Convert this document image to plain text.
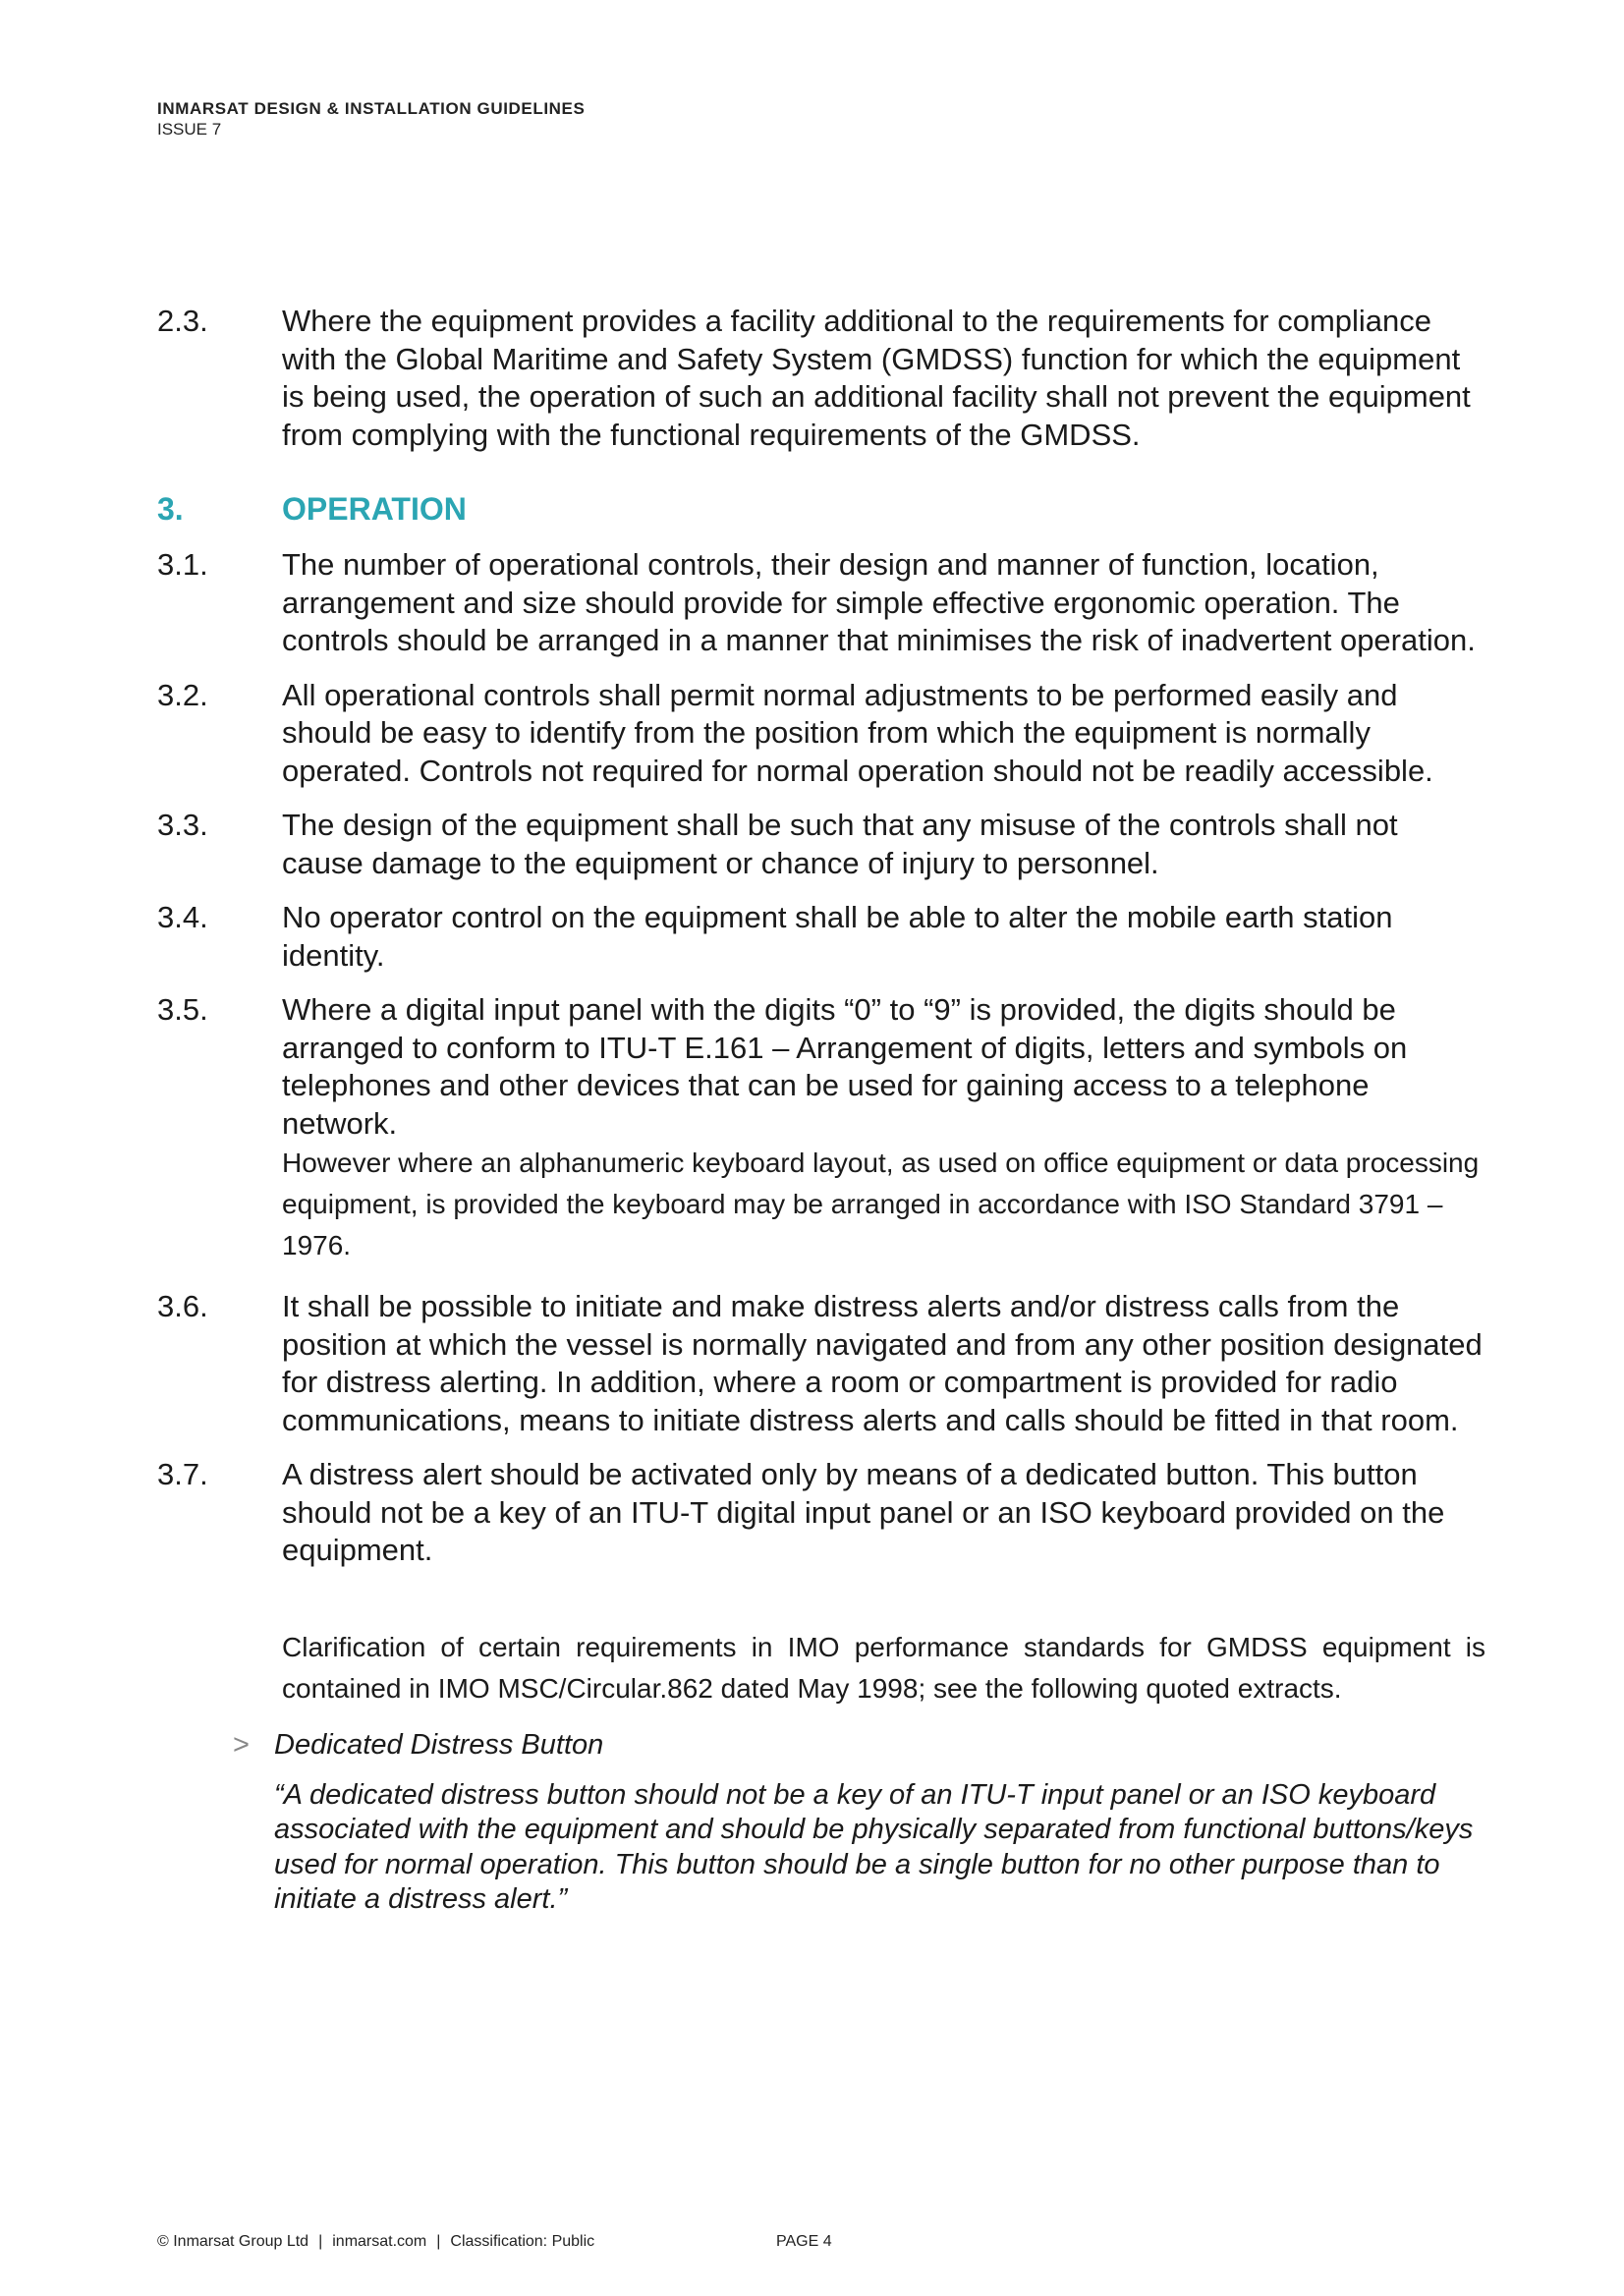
INMARSAT DESIGN & INSTALLATION GUIDELINES
ISSUE 7
2.3.	Where the equipment provides a facility additional to the requirements for compliance with the Global Maritime and Safety System (GMDSS) function for which the equipment is being used, the operation of such an additional facility shall not prevent the equipment from complying with the functional requirements of the GMDSS.

3.	OPERATION
3.1.	The number of operational controls, their design and manner of function, location, arrangement and size should provide for simple effective ergonomic operation. The controls should be arranged in a manner that minimises the risk of inadvertent operation.

3.2.	All operational controls shall permit normal adjustments to be performed easily and should be easy to identify from the position from which the equipment is normally operated. Controls not required for normal operation should not be readily accessible.

3.3.	The design of the equipment shall be such that any misuse of the controls shall not cause damage to the equipment or chance of injury to personnel.

3.4.	No operator control on the equipment shall be able to alter the mobile earth station identity.

3.5.	Where a digital input panel with the digits “0” to “9” is provided, the digits should be arranged to conform to ITU-T E.161 – Arrangement of digits, letters and symbols on telephones and other devices that can be used for gaining access to a telephone network.

However where an alphanumeric keyboard layout, as used on office equipment or data processing equipment, is provided the keyboard may be arranged in accordance with ISO Standard 3791 –1976.

3.6.	It shall be possible to initiate and make distress alerts and/or distress calls from the position at which the vessel is normally navigated and from any other position designated for distress alerting. In addition, where a room or compartment is provided for radio communications, means to initiate distress alerts and calls should be fitted in that room.

3.7.	A distress alert should be activated only by means of a dedicated button. This button should not be a key of an ITU-T digital input panel or an ISO keyboard provided on the equipment.

Clarification of certain requirements in IMO performance standards for GMDSS equipment is contained in IMO MSC/Circular.862 dated May 1998; see the following quoted extracts.
> Dedicated Distress Button
“A dedicated distress button should not be a key of an ITU-T input panel or an ISO keyboard associated with the equipment and should be physically separated from functional buttons/keys used for normal operation. This button should be a single button for no other purpose than to initiate a distress alert.”
© Inmarsat Group Ltd | inmarsat.com | Classification: Public	PAGE 4
